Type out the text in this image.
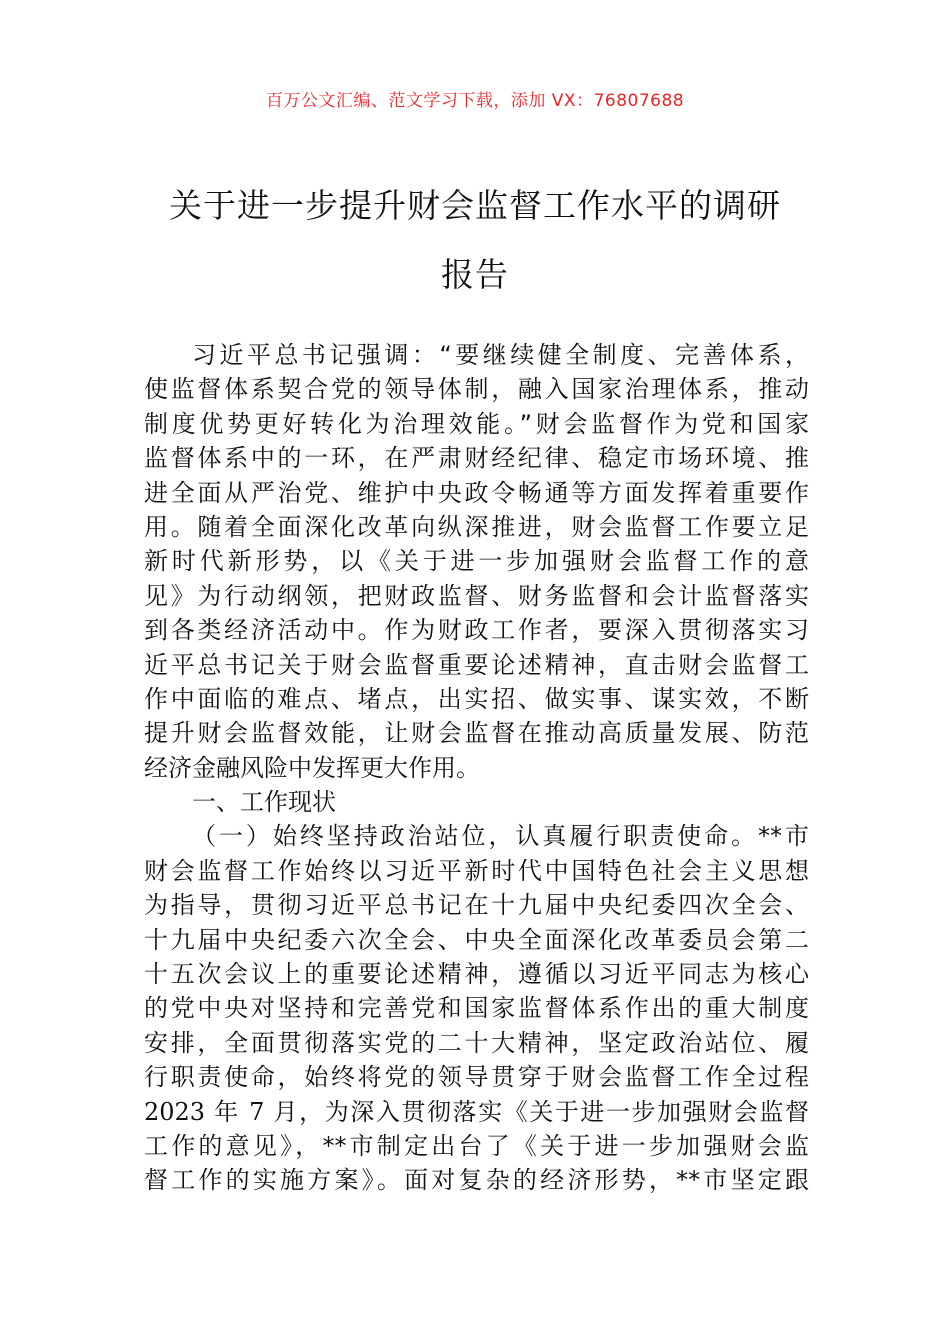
百万公文汇编、范文学习下载，添加 VX：76807688
关于进一步提升财会监督工作水平的调研
报告
习近平总书记强调：“要继续健全制度、完善体系，
使监督体系契合党的领导体制，融入国家治理体系，推动
制度优势更好转化为治理效能。”财会监督作为党和国家
监督体系中的一环，在严肃财经纪律、稳定市场环境、推
进全面从严治党、维护中央政令畅通等方面发挥着重要作
用。随着全面深化改革向纵深推进，财会监督工作要立足
新时代新形势，以《关于进一步加强财会监督工作的意
见》为行动纲领，把财政监督、财务监督和会计监督落实
到各类经济活动中。作为财政工作者，要深入贯彻落实习
近平总书记关于财会监督重要论述精神，直击财会监督工
作中面临的难点、堵点，出实招、做实事、谋实效，不断
提升财会监督效能，让财会监督在推动高质量发展、防范
经济金融风险中发挥更大作用。
一、工作现状
（一）始终坚持政治站位，认真履行职责使命。**市
财会监督工作始终以习近平新时代中国特色社会主义思想
为指导，贯彻习近平总书记在十九届中央纪委四次全会、
十九届中央纪委六次全会、中央全面深化改革委员会第二
十五次会议上的重要论述精神，遵循以习近平同志为核心
的党中央对坚持和完善党和国家监督体系作出的重大制度
安排，全面贯彻落实党的二十大精神，坚定政治站位、履
行职责使命，始终将党的领导贯穿于财会监督工作全过程
2023 年 7 月，为深入贯彻落实《关于进一步加强财会监督
工作的意见》，**市制定出台了《关于进一步加强财会监
督工作的实施方案》。面对复杂的经济形势，**市坚定跟
